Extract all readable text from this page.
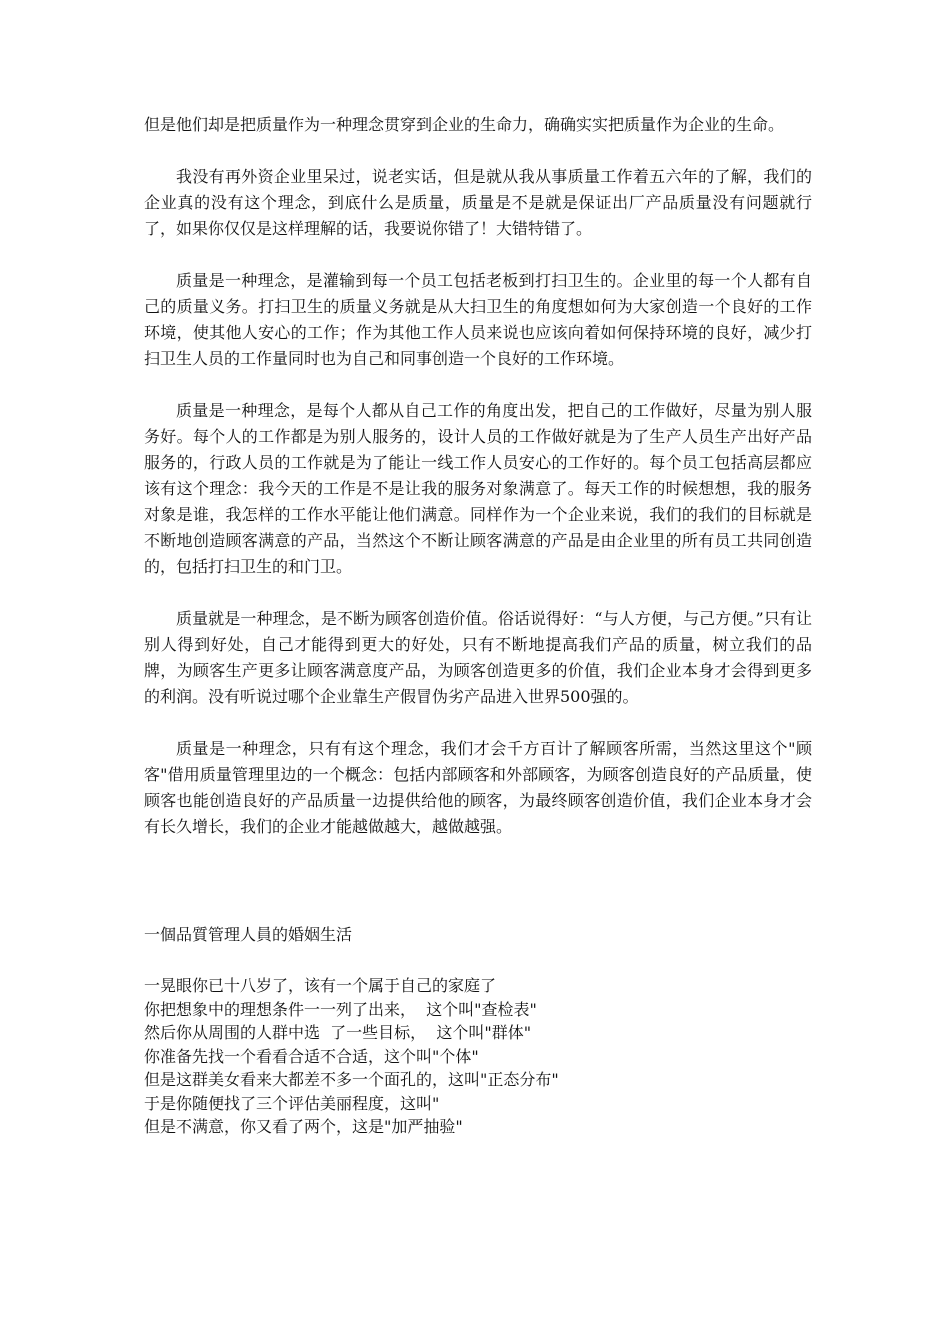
但是他们却是把质量作为一种理念贯穿到企业的生命力，确确实实把质量作为企业的生命。

我没有再外资企业里呆过，说老实话，但是就从我从事质量工作着五六年的了解，我们的企业真的没有这个理念，到底什么是质量，质量是不是就是保证出厂产品质量没有问题就行了，如果你仅仅是这样理解的话，我要说你错了！大错特错了。

质量是一种理念，是灌输到每一个员工包括老板到打扫卫生的。企业里的每一个人都有自己的质量义务。打扫卫生的质量义务就是从大扫卫生的角度想如何为大家创造一个良好的工作环境，使其他人安心的工作；作为其他工作人员来说也应该向着如何保持环境的良好，减少打扫卫生人员的工作量同时也为自己和同事创造一个良好的工作环境。

质量是一种理念，是每个人都从自己工作的角度出发，把自己的工作做好，尽量为别人服务好。每个人的工作都是为别人服务的，设计人员的工作做好就是为了生产人员生产出好产品服务的，行政人员的工作就是为了能让一线工作人员安心的工作好的。每个员工包括高层都应该有这个理念：我今天的工作是不是让我的服务对象满意了。每天工作的时候想想，我的服务对象是谁，我怎样的工作水平能让他们满意。同样作为一个企业来说，我们的我们的目标就是不断地创造顾客满意的产品，当然这个不断让顾客满意的产品是由企业里的所有员工共同创造的，包括打扫卫生的和门卫。

质量就是一种理念，是不断为顾客创造价值。俗话说得好：“与人方便，与己方便。”只有让别人得到好处，自己才能得到更大的好处，只有不断地提高我们产品的质量，树立我们的品牌，为顾客生产更多让顾客满意度产品，为顾客创造更多的价值，我们企业本身才会得到更多的利润。没有听说过哪个企业靠生产假冒伪劣产品进入世界500强的。

质量是一种理念，只有有这个理念，我们才会千方百计了解顾客所需，当然这里这个"顾客"借用质量管理里边的一个概念：包括内部顾客和外部顾客，为顾客创造良好的产品质量，使顾客也能创造良好的产品质量一边提供给他的顾客，为最终顾客创造价值，我们企业本身才会有长久增长，我们的企业才能越做越大，越做越强。

一個品質管理人員的婚姻生活

一晃眼你已十八岁了，该有一个属于自己的家庭了

你把想象中的理想条件一一列了出来，  这个叫"查检表"

然后你从周围的人群中选  了一些目标，  这个叫"群体"

你准备先找一个看看合适不合适，这个叫"个体"

但是这群美女看来大都差不多一个面孔的，这叫"正态分布"

于是你随便找了三个评估美丽程度，这叫"

但是不满意，你又看了两个，这是"加严抽验"
